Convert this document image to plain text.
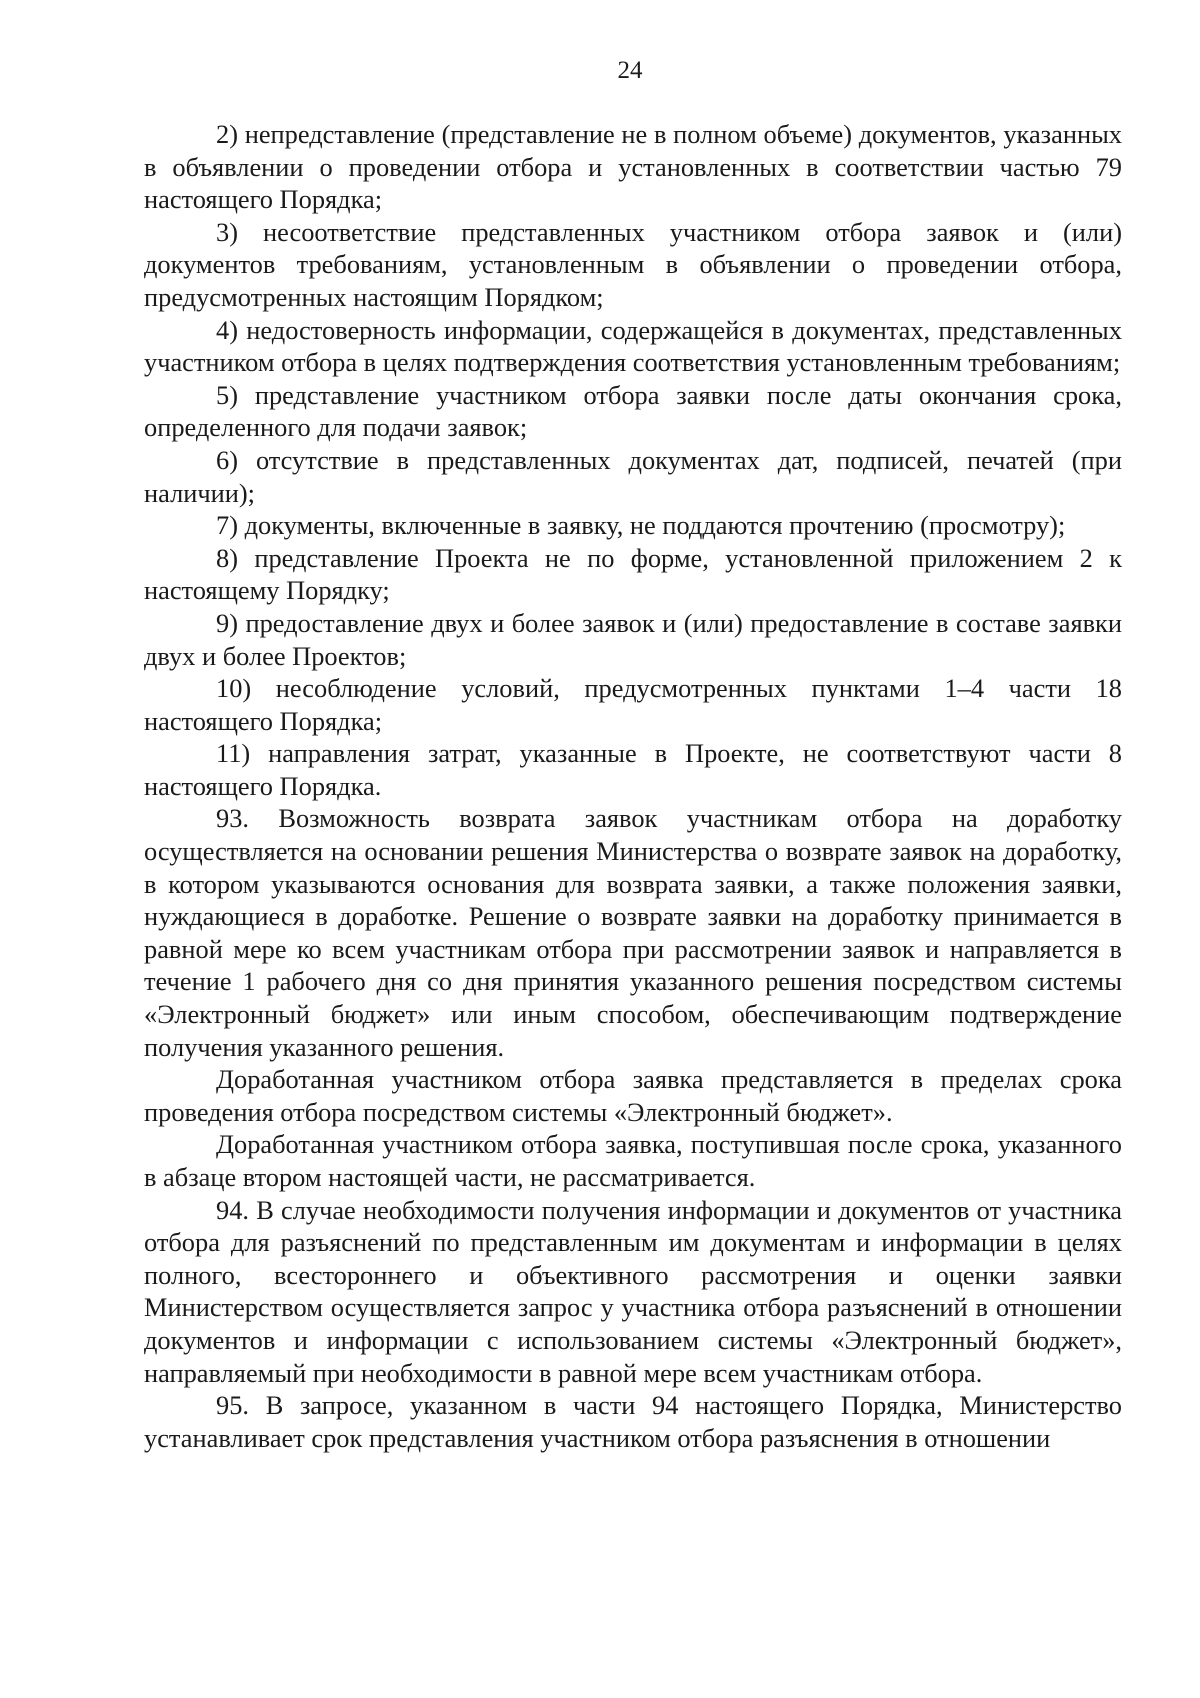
24

2) непредставление (представление не в полном объеме) документов, указанных в объявлении о проведении отбора и установленных в соответствии частью 79 настоящего Порядка;

3) несоответствие представленных участником отбора заявок и (или) документов требованиям, установленным в объявлении о проведении отбора, предусмотренных настоящим Порядком;

4) недостоверность информации, содержащейся в документах, представленных участником отбора в целях подтверждения соответствия установленным требованиям;

5) представление участником отбора заявки после даты окончания срока, определенного для подачи заявок;

6) отсутствие в представленных документах дат, подписей, печатей (при наличии);

7) документы, включенные в заявку, не поддаются прочтению (просмотру);

8) представление Проекта не по форме, установленной приложением 2 к настоящему Порядку;

9) предоставление двух и более заявок и (или) предоставление в составе заявки двух и более Проектов;

10) несоблюдение условий, предусмотренных пунктами 1–4 части 18 настоящего Порядка;

11) направления затрат, указанные в Проекте, не соответствуют части 8 настоящего Порядка.

93. Возможность возврата заявок участникам отбора на доработку осуществляется на основании решения Министерства о возврате заявок на доработку, в котором указываются основания для возврата заявки, а также положения заявки, нуждающиеся в доработке. Решение о возврате заявки на доработку принимается в равной мере ко всем участникам отбора при рассмотрении заявок и направляется в течение 1 рабочего дня со дня принятия указанного решения посредством системы «Электронный бюджет» или иным способом, обеспечивающим подтверждение получения указанного решения.

Доработанная участником отбора заявка представляется в пределах срока проведения отбора посредством системы «Электронный бюджет».

Доработанная участником отбора заявка, поступившая после срока, указанного в абзаце втором настоящей части, не рассматривается.

94. В случае необходимости получения информации и документов от участника отбора для разъяснений по представленным им документам и информации в целях полного, всестороннего и объективного рассмотрения и оценки заявки Министерством осуществляется запрос у участника отбора разъяснений в отношении документов и информации с использованием системы «Электронный бюджет», направляемый при необходимости в равной мере всем участникам отбора.

95. В запросе, указанном в части 94 настоящего Порядка, Министерство устанавливает срок представления участником отбора разъяснения в отношении
